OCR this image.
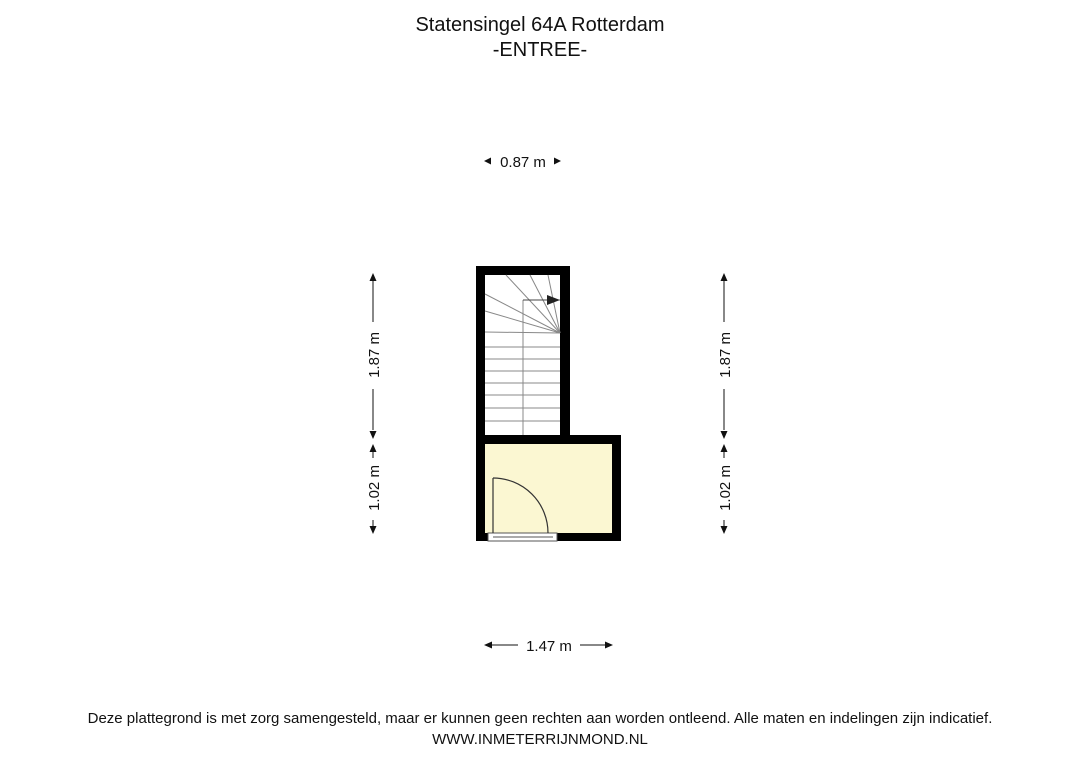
Statensingel 64A Rotterdam
-ENTREE-
0.87 m
1.47 m
1.87 m
1.02 m
1.87 m
1.02 m
Deze plattegrond is met zorg samengesteld, maar er kunnen geen rechten aan worden ontleend. Alle maten en indelingen zijn indicatief.
WWW.INMETERRIJNMOND.NL
